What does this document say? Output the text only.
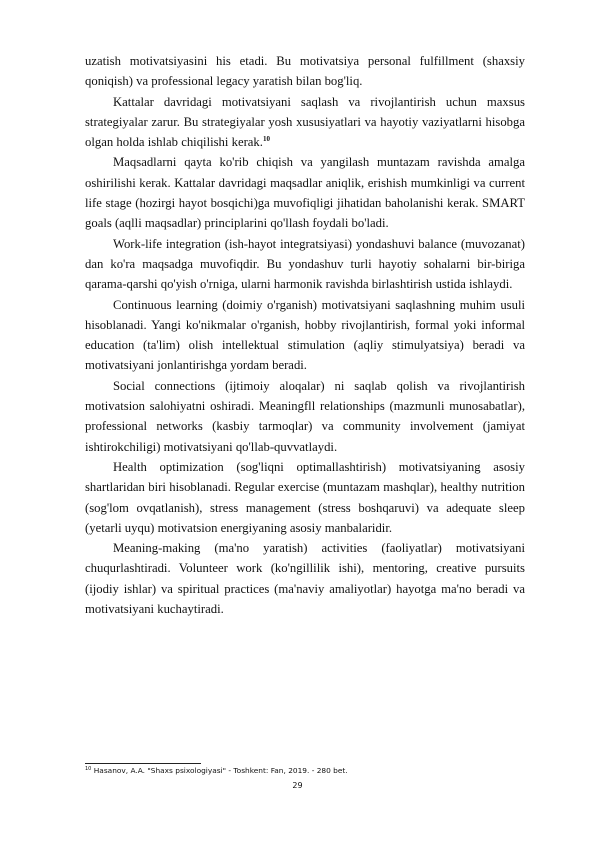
uzatish motivatsiyasini his etadi. Bu motivatsiya personal fulfillment (shaxsiy qoniqish) va professional legacy yaratish bilan bog'liq.

Kattalar davridagi motivatsiyani saqlash va rivojlantirish uchun maxsus strategiyalar zarur. Bu strategiyalar yosh xususiyatlari va hayotiy vaziyatlarni hisobga olgan holda ishlab chiqilishi kerak.$^{10}$

Maqsadlarni qayta ko'rib chiqish va yangilash muntazam ravishda amalga oshirilishi kerak. Kattalar davridagi maqsadlar aniqlik, erishish mumkinligi va current life stage (hozirgi hayot bosqichi)ga muvofiqligi jihatidan baholanishi kerak. SMART goals (aqlli maqsadlar) principlarini qo'llash foydali bo'ladi.

Work-life integration (ish-hayot integratsiyasi) yondashuvi balance (muvozanat) dan ko'ra maqsadga muvofiqdir. Bu yondashuv turli hayotiy sohalarni bir-biriga qarama-qarshi qo'yish o'rniga, ularni harmonik ravishda birlashtirish ustida ishlaydi.

Continuous learning (doimiy o'rganish) motivatsiyani saqlashning muhim usuli hisoblanadi. Yangi ko'nikmalar o'rganish, hobby rivojlantirish, formal yoki informal education (ta'lim) olish intellektual stimulation (aqliy stimulyatsiya) beradi va motivatsiyani jonlantirishga yordam beradi.

Social connections (ijtimoiy aloqalar) ni saqlab qolish va rivojlantirish motivatsion salohiyatni oshiradi. Meaningfll relationships (mazmunli munosabatlar), professional networks (kasbiy tarmoqlar) va community involvement (jamiyat ishtirokchiligi) motivatsiyani qo'llab-quvvatlaydi.

Health optimization (sog'liqni optimallashtirish) motivatsiyaning asosiy shartlaridan biri hisoblanadi. Regular exercise (muntazam mashqlar), healthy nutrition (sog'lom ovqatlanish), stress management (stress boshqaruvi) va adequate sleep (yetarli uyqu) motivatsion energiyaning asosiy manbalaridir.

Meaning-making (ma'no yaratish) activities (faoliyatlar) motivatsiyani chuqurlashtiradi. Volunteer work (ko'ngillilik ishi), mentoring, creative pursuits (ijodiy ishlar) va spiritual practices (ma'naviy amaliyotlar) hayotga ma'no beradi va motivatsiyani kuchaytiradi.

$^{10}$ Hasanov, A.A. "Shaxs psixologiyasi" - Toshkent: Fan, 2019. - 280 bet.
29
